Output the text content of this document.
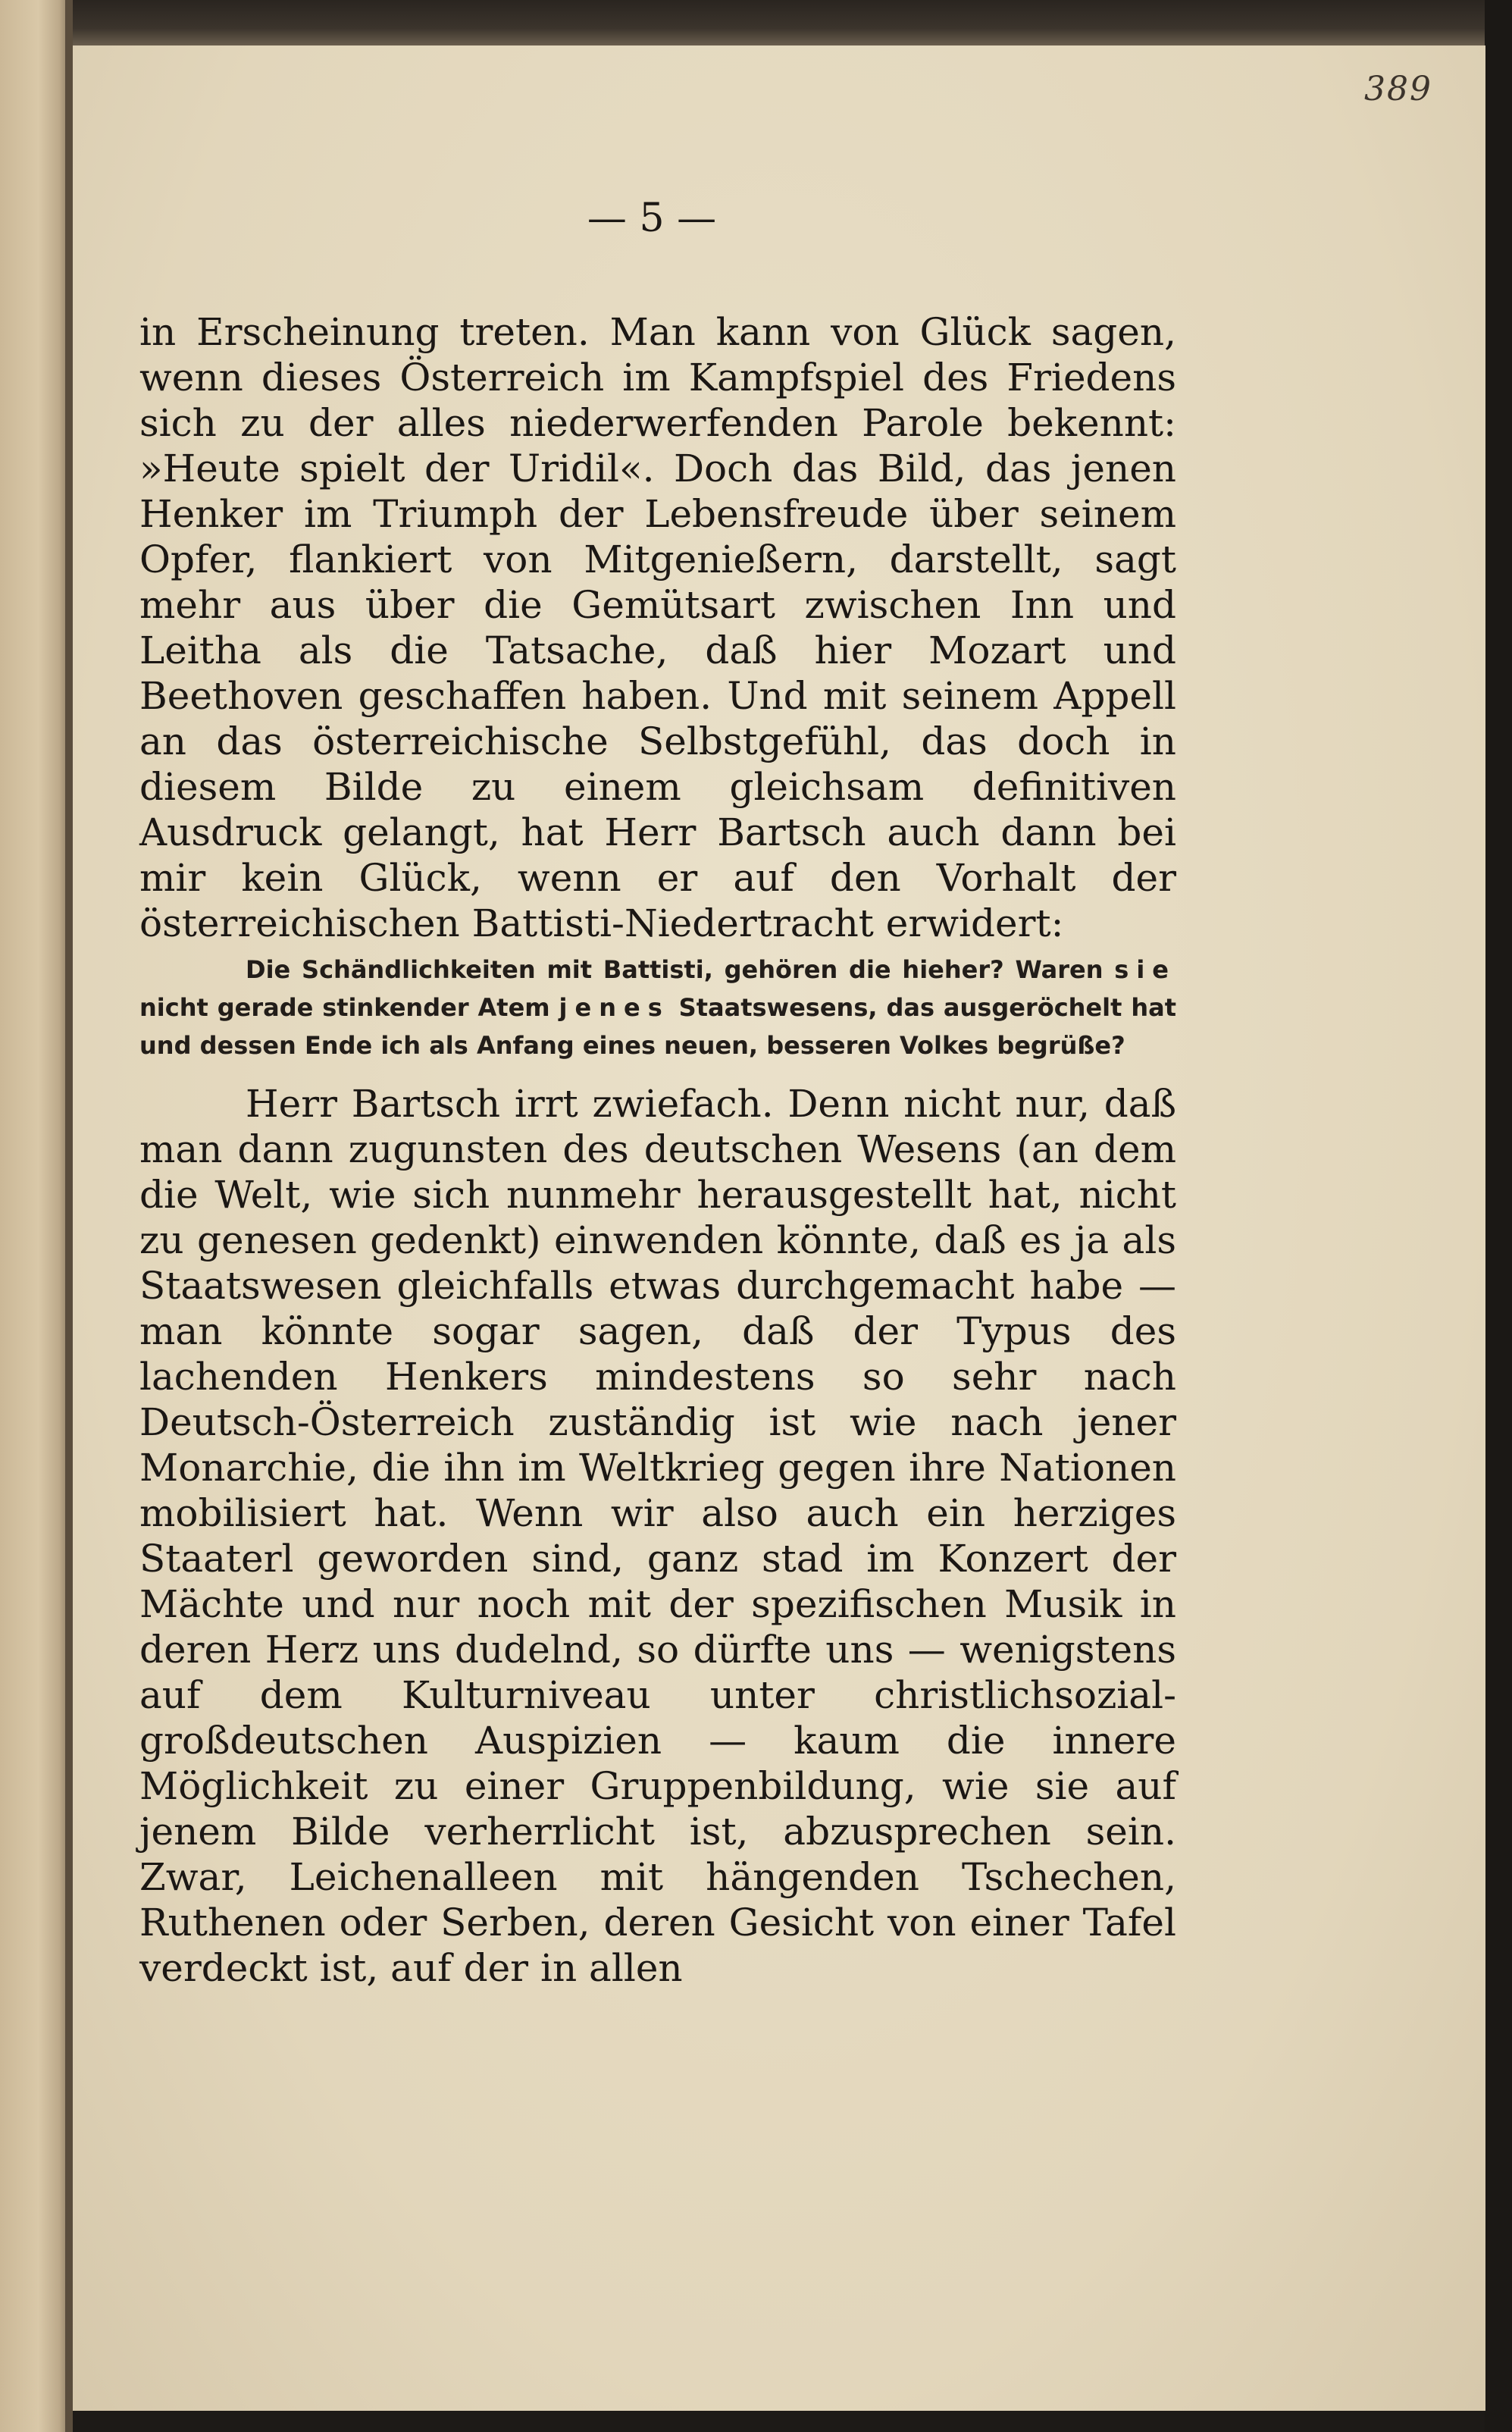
389
— 5 —

in Erscheinung treten. Man kann von Glück sagen, wenn dieses Österreich im Kampfspiel des Friedens sich zu der alles niederwerfenden Parole bekennt: »Heute spielt der Uridil«. Doch das Bild, das jenen Henker im Triumph der Lebensfreude über seinem Opfer, flankiert von Mitgenießern, darstellt, sagt mehr aus über die Gemütsart zwischen Inn und Leitha als die Tatsache, daß hier Mozart und Beethoven geschaffen haben. Und mit seinem Appell an das österreichische Selbstgefühl, das doch in diesem Bilde zu einem gleichsam definitiven Ausdruck gelangt, hat Herr Bartsch auch dann bei mir kein Glück, wenn er auf den Vorhalt der österreichischen Battisti-Niedertracht erwidert:

Die Schändlichkeiten mit Battisti, gehören die hieher? Waren sie nicht gerade stinkender Atem jenes Staatswesens, das ausgeröchelt hat und dessen Ende ich als Anfang eines neuen, besseren Volkes begrüße?

Herr Bartsch irrt zwiefach. Denn nicht nur, daß man dann zugunsten des deutschen Wesens (an dem die Welt, wie sich nunmehr herausgestellt hat, nicht zu genesen gedenkt) einwenden könnte, daß es ja als Staatswesen gleichfalls etwas durchgemacht habe — man könnte sogar sagen, daß der Typus des lachenden Henkers mindestens so sehr nach Deutsch-Österreich zuständig ist wie nach jener Monarchie, die ihn im Weltkrieg gegen ihre Nationen mobilisiert hat. Wenn wir also auch ein herziges Staaterl geworden sind, ganz stad im Konzert der Mächte und nur noch mit der spezifischen Musik in deren Herz uns dudelnd, so dürfte uns — wenigstens auf dem Kulturniveau unter christlichsozial-großdeutschen Auspizien — kaum die innere Möglichkeit zu einer Gruppenbildung, wie sie auf jenem Bilde verherrlicht ist, abzusprechen sein. Zwar, Leichenalleen mit hängenden Tschechen, Ruthenen oder Serben, deren Gesicht von einer Tafel verdeckt ist, auf der in allen
